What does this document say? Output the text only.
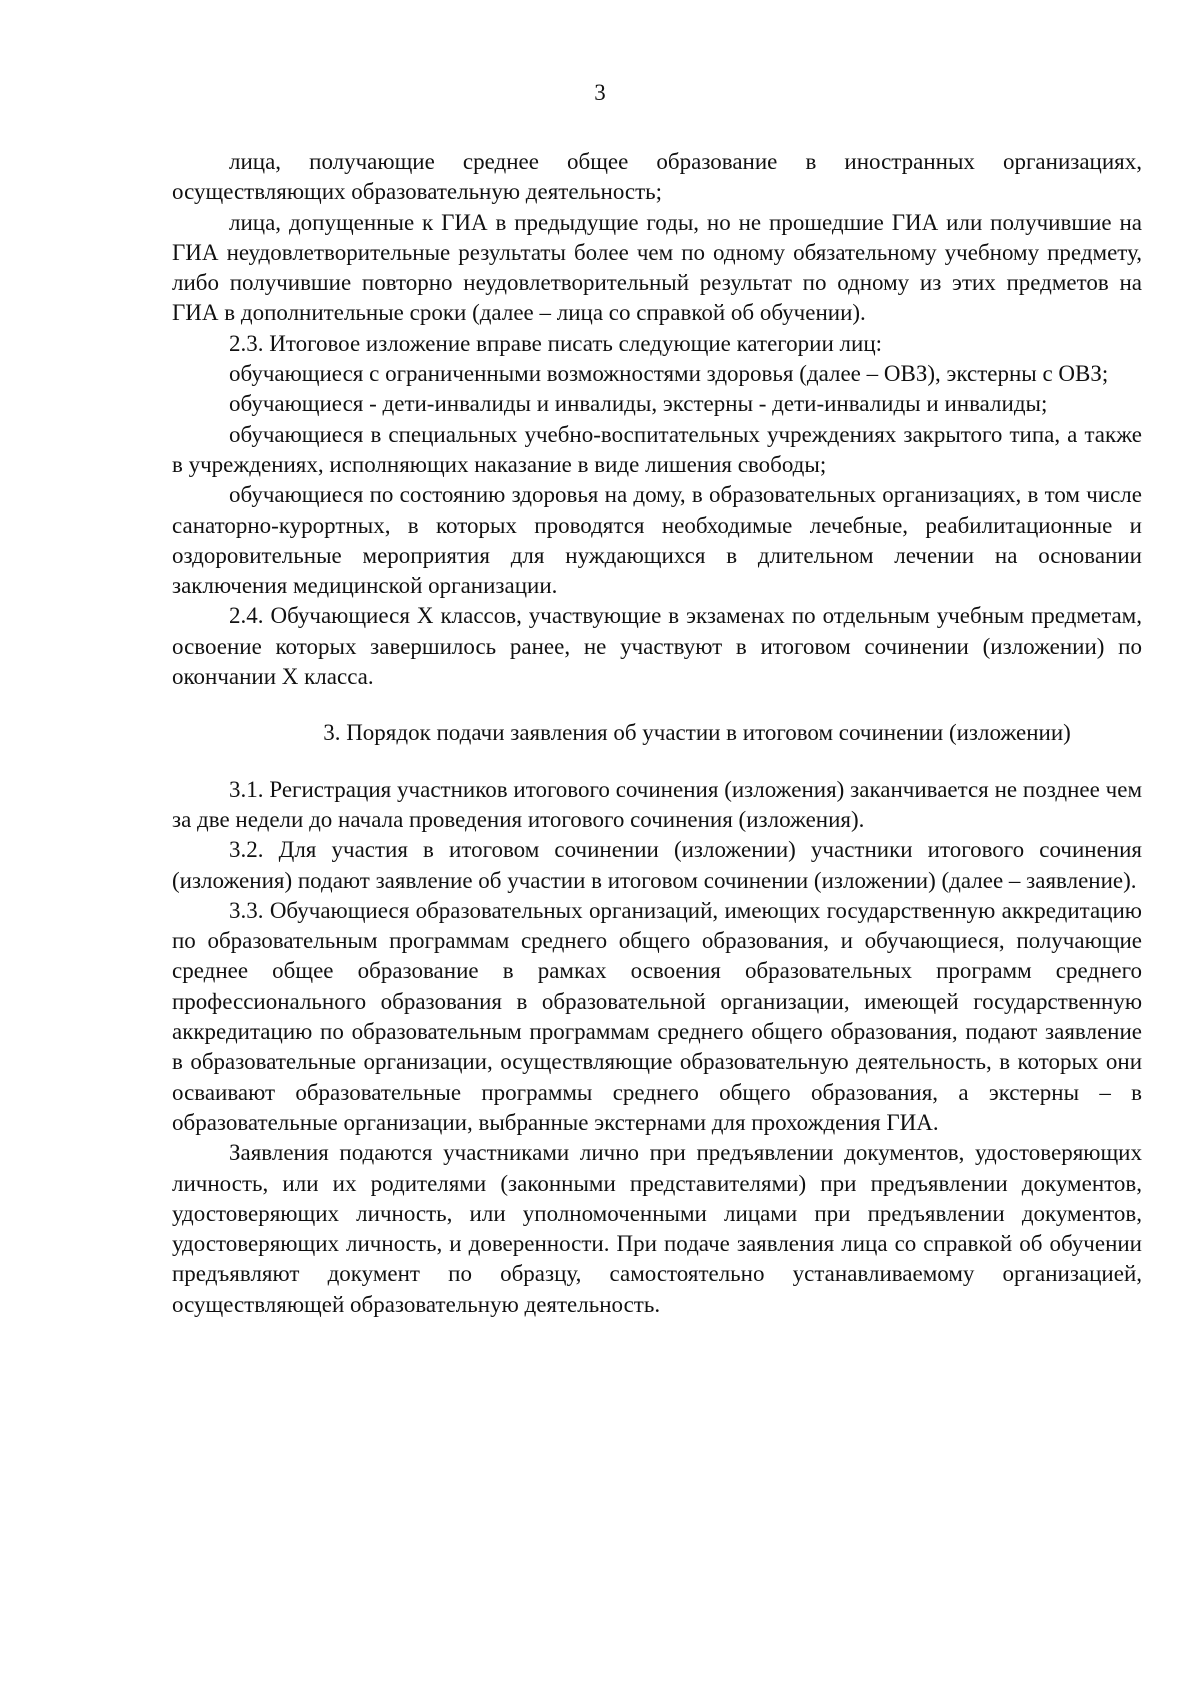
3

лица, получающие среднее общее образование в иностранных организациях, осуществляющих образовательную деятельность;

лица, допущенные к ГИА в предыдущие годы, но не прошедшие ГИА или получившие на ГИА неудовлетворительные результаты более чем по одному обязательному учебному предмету, либо получившие повторно неудовлетворительный результат по одному из этих предметов на ГИА в дополнительные сроки (далее – лица со справкой об обучении).

2.3. Итоговое изложение вправе писать следующие категории лиц:

обучающиеся с ограниченными возможностями здоровья (далее – ОВЗ), экстерны с ОВЗ;

обучающиеся - дети-инвалиды и инвалиды, экстерны - дети-инвалиды и инвалиды;

обучающиеся в специальных учебно-воспитательных учреждениях закрытого типа, а также в учреждениях, исполняющих наказание в виде лишения свободы;

обучающиеся по состоянию здоровья на дому, в образовательных организациях, в том числе санаторно-курортных, в которых проводятся необходимые лечебные, реабилитационные и оздоровительные мероприятия для нуждающихся в длительном лечении на основании заключения медицинской организации.

2.4. Обучающиеся X классов, участвующие в экзаменах по отдельным учебным предметам, освоение которых завершилось ранее, не участвуют в итоговом сочинении (изложении) по окончании X класса.

3. Порядок подачи заявления об участии в итоговом сочинении (изложении)

3.1. Регистрация участников итогового сочинения (изложения) заканчивается не позднее чем за две недели до начала проведения итогового сочинения (изложения).

3.2. Для участия в итоговом сочинении (изложении) участники итогового сочинения (изложения) подают заявление об участии в итоговом сочинении (изложении) (далее – заявление).

3.3. Обучающиеся образовательных организаций, имеющих государственную аккредитацию по образовательным программам среднего общего образования, и обучающиеся, получающие среднее общее образование в рамках освоения образовательных программ среднего профессионального образования в образовательной организации, имеющей государственную аккредитацию по образовательным программам среднего общего образования, подают заявление в образовательные организации, осуществляющие образовательную деятельность, в которых они осваивают образовательные программы среднего общего образования, а экстерны – в образовательные организации, выбранные экстернами для прохождения ГИА.

Заявления подаются участниками лично при предъявлении документов, удостоверяющих личность, или их родителями (законными представителями) при предъявлении документов, удостоверяющих личность, или уполномоченными лицами при предъявлении документов, удостоверяющих личность, и доверенности. При подаче заявления лица со справкой об обучении предъявляют документ по образцу, самостоятельно устанавливаемому организацией, осуществляющей образовательную деятельность.
